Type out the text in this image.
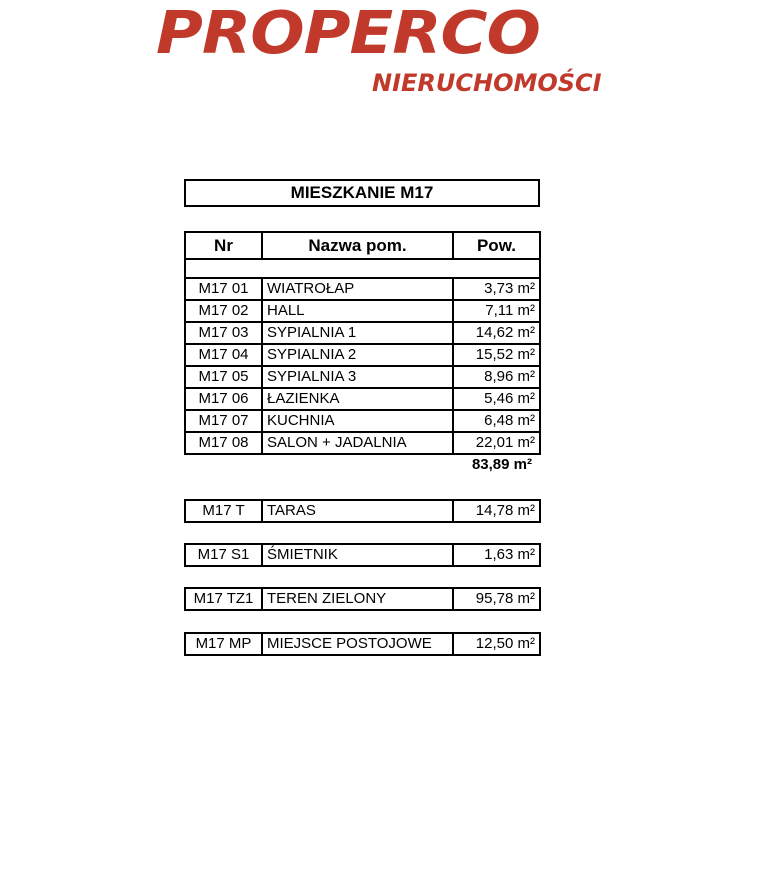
PROPERCO
NIERUCHOMOŚCI
MIESZKANIE M17
Nr	Nazwa pom.	Pow.

M17 01	WIATROŁAP	3,73 m²
M17 02	HALL	7,11 m²
M17 03	SYPIALNIA 1	14,62 m²
M17 04	SYPIALNIA 2	15,52 m²
M17 05	SYPIALNIA 3	8,96 m²
M17 06	ŁAZIENKA	5,46 m²
M17 07	KUCHNIA	6,48 m²
M17 08	SALON + JADALNIA	22,01 m²
83,89 m²
M17 T	TARAS	14,78 m²
M17 S1	ŚMIETNIK	1,63 m²
M17 TZ1	TEREN ZIELONY	95,78 m²
M17 MP	MIEJSCE POSTOJOWE	12,50 m²
